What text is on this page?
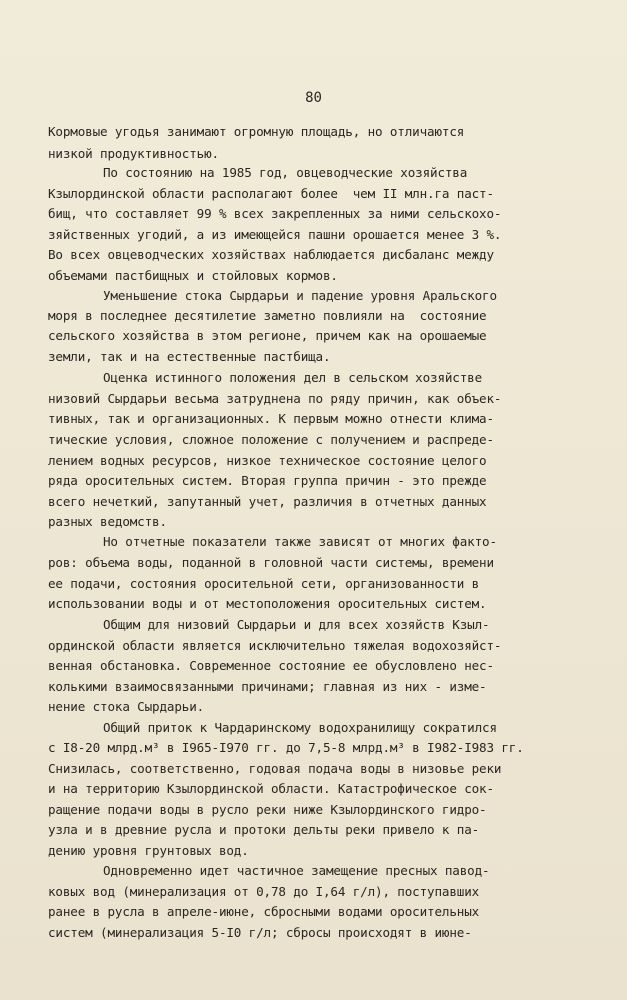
80
Кормовые угодья занимают огромную площадь, но отличаются
низкой продуктивностью.
По состоянию на 1985 год, овцеводческие хозяйства
Кзылординской области располагают более  чем II млн.га паст-
бищ, что составляет 99 % всех закрепленных за ними сельскохо-
зяйственных угодий, а из имеющейся пашни орошается менее 3 %.
Во всех овцеводческих хозяйствах наблюдается дисбаланс между
объемами пастбищных и стойловых кормов.
Уменьшение стока Сырдарьи и падение уровня Аральского
моря в последнее десятилетие заметно повлияли на  состояние
сельского хозяйства в этом регионе, причем как на орошаемые
земли, так и на естественные пастбища.
Оценка истинного положения дел в сельском хозяйстве
низовий Сырдарьи весьма затруднена по ряду причин, как объек-
тивных, так и организационных. К первым можно отнести клима-
тические условия, сложное положение с получением и распреде-
лением водных ресурсов, низкое техническое состояние целого
ряда оросительных систем. Вторая группа причин - это прежде
всего нечеткий, запутанный учет, различия в отчетных данных
разных ведомств.
Но отчетные показатели также зависят от многих факто-
ров: объема воды, поданной в головной части системы, времени
ее подачи, состояния оросительной сети, организованности в
использовании воды и от местоположения оросительных систем.
Общим для низовий Сырдарьи и для всех хозяйств Кзыл-
ординской области является исключительно тяжелая водохозяйст-
венная обстановка. Современное состояние ее обусловлено нес-
колькими взаимосвязанными причинами; главная из них - изме-
нение стока Сырдарьи.
Общий приток к Чардаринскому водохранилищу сократился
с I8-20 млрд.м³ в I965-I970 гг. до 7,5-8 млрд.м³ в I982-I983 гг.
Снизилась, соответственно, годовая подача воды в низовье реки
и на территорию Кзылординской области. Катастрофическое сок-
ращение подачи воды в русло реки ниже Кзылординского гидро-
узла и в древние русла и протоки дельты реки привело к па-
дению уровня грунтовых вод.
Одновременно идет частичное замещение пресных павод-
ковых вод (минерализация от 0,78 до I,64 г/л), поступавших
ранее в русла в апреле-июне, сбросными водами оросительных
систем (минерализация 5-I0 г/л; сбросы происходят в июне-
